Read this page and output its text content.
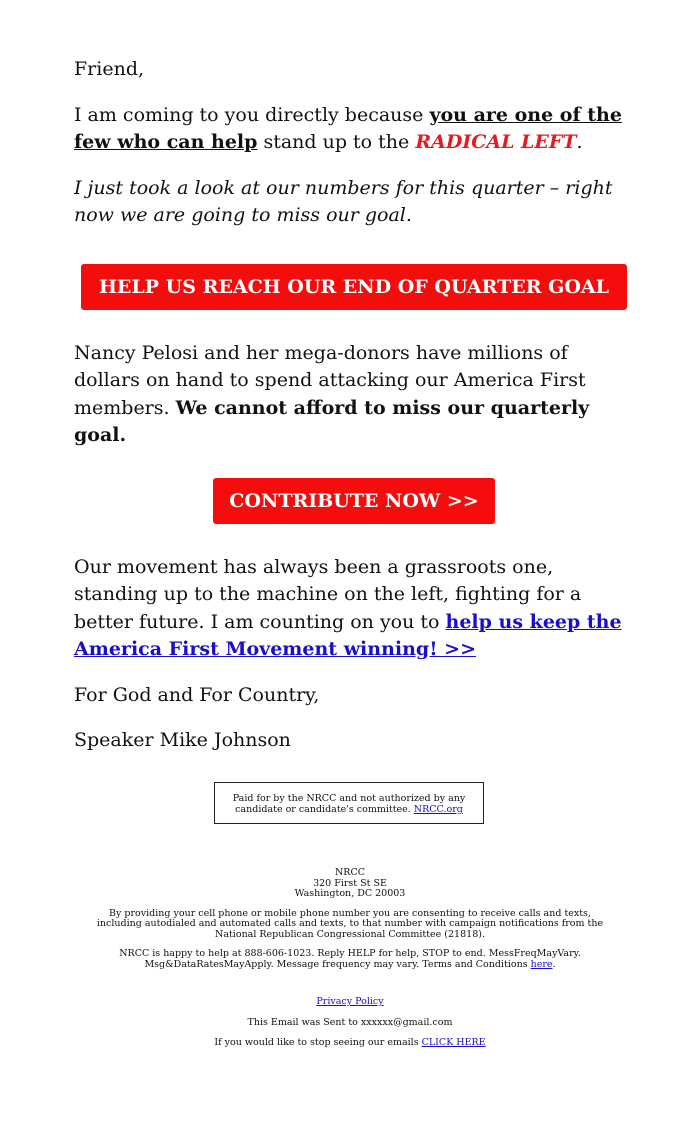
Friend,

I am coming to you directly because you are one of the few who can help stand up to the RADICAL LEFT.

I just took a look at our numbers for this quarter – right now we are going to miss our goal.

HELP US REACH OUR END OF QUARTER GOAL

Nancy Pelosi and her mega-donors have millions of dollars on hand to spend attacking our America First members. We cannot afford to miss our quarterly goal.

CONTRIBUTE NOW >>

Our movement has always been a grassroots one, standing up to the machine on the left, fighting for a better future. I am counting on you to help us keep the America First Movement winning! >>

For God and For Country,

Speaker Mike Johnson

Paid for by the NRCC and not authorized by any candidate or candidate's committee. NRCC.org

NRCC

320 First St SE

Washington, DC 20003

By providing your cell phone or mobile phone number you are consenting to receive calls and texts, including autodialed and automated calls and texts, to that number with campaign notifications from the National Republican Congressional Committee (21818).

NRCC is happy to help at 888-606-1023. Reply HELP for help, STOP to end. MessFreqMayVary. Msg&DataRatesMayApply. Message frequency may vary. Terms and Conditions here.

Privacy Policy

This Email was Sent to xxxxxx@gmail.com

If you would like to stop seeing our emails CLICK HERE
